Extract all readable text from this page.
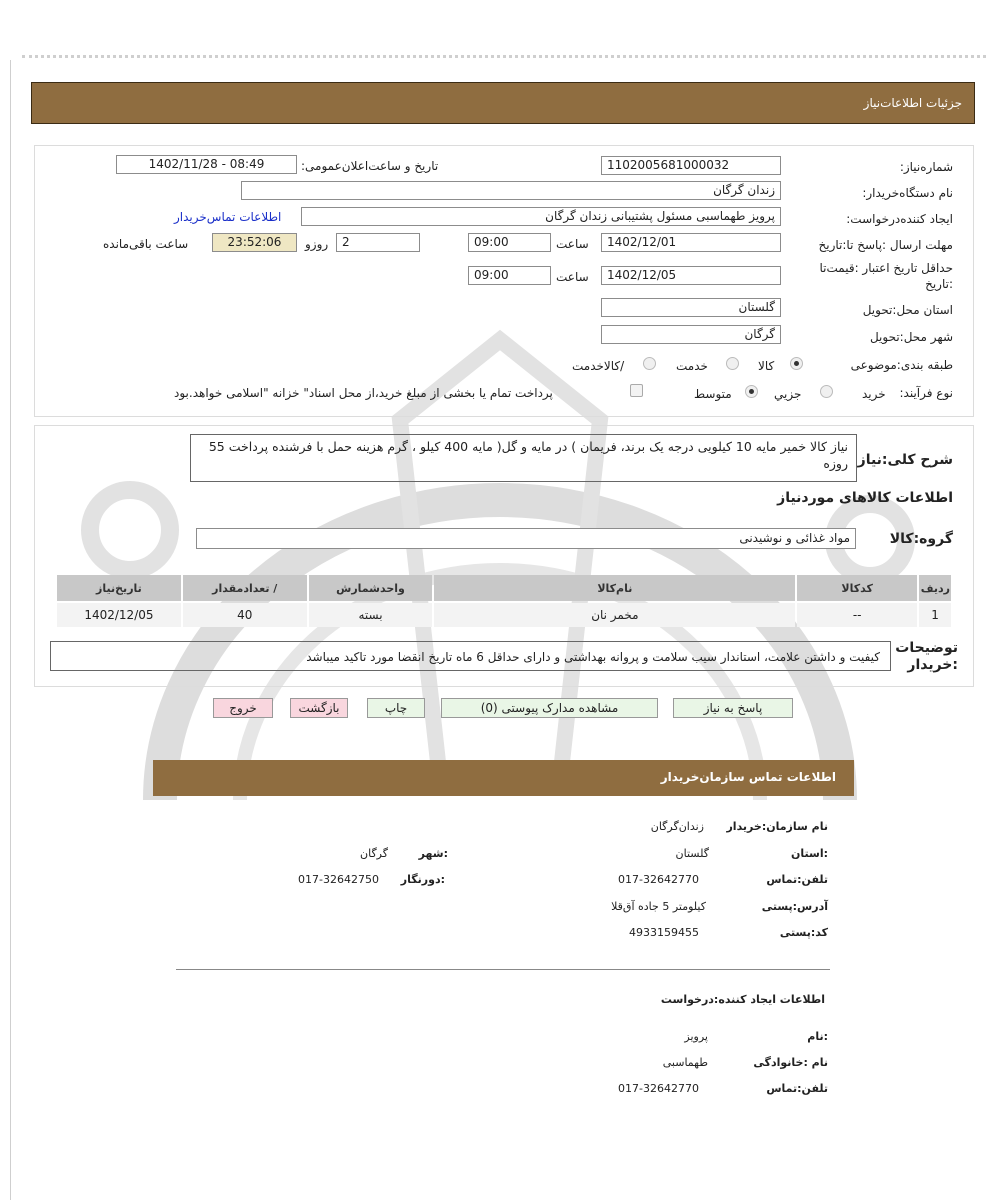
جزئیات اطلاعات‌نیاز
شماره‌نیاز:
1102005681000032
تاریخ و ساعت‌اعلان‌عمومی:
1402/11/28 - 08:49
نام دستگاه‌خریدار:
زندان گرگان
ایجاد کننده‌درخواست:
پرویز طهماسبی مسئول پشتیبانی زندان گرگان
اطلاعات تماس‌خریدار
مهلت ارسال :پاسخ تا:تاریخ
1402/12/01
ساعت
09:00
2
روزو
23:52:06
ساعت باقی‌مانده
حداقل تاریخ اعتبار :قیمت‌تا
:تاریخ
1402/12/05
ساعت
09:00
استان محل:تحویل
گلستان
شهر محل:تحویل
گرگان
طبقه بندی:موضوعی
کالا
خدمت
/کالاخدمت
نوع فرآیند:
خرید
جزیي
متوسط
پرداخت تمام یا بخشی از مبلغ خرید،از محل اسناد" خزانه "اسلامی خواهد.بود
شرح کلی:نیاز
نیاز کالا خمیر مایه 10 کیلویی درجه یک برند، فریمان ) در مایه و گل( مایه 400 کیلو ، گرم هزینه حمل با فرشنده پرداخت 55 روزه
اطلاعات کالاهای مورد‌نیاز
گروه:کالا
مواد غذائی و نوشیدنی
ردیف	کدکالا	نام‌کالا	واحد‌شمارش	/ تعداد‌مقدار	تاریخ‌نیاز
1	--	مخمر نان	بسته	40	1402/12/05
توضیحات
:خریدار
کیفیت و داشتن علامت، استاندار سیب سلامت و پروانه بهداشتی و دارای حداقل 6 ماه تاریخ انقضا مورد تاکید میباشد
پاسخ به نیاز
مشاهده مدارک پیوستی (0)
چاپ
بازگشت
خروج
اطلاعات تماس سازمان‌خریدار
نام سازمان:خریدار
زندان‌گرگان
:استان
گلستان
:شهر
گرگان
تلفن:تماس
017-32642770
:دورنگار
017-32642750
آدرس:پستی
کیلومتر 5 جاده آق‌قلا
کد:پستی
4933159455
اطلاعات ایجاد کننده:درخواست
:نام
پرویز
نام :خانوادگی
طهماسبی
تلفن:تماس
017-32642770
